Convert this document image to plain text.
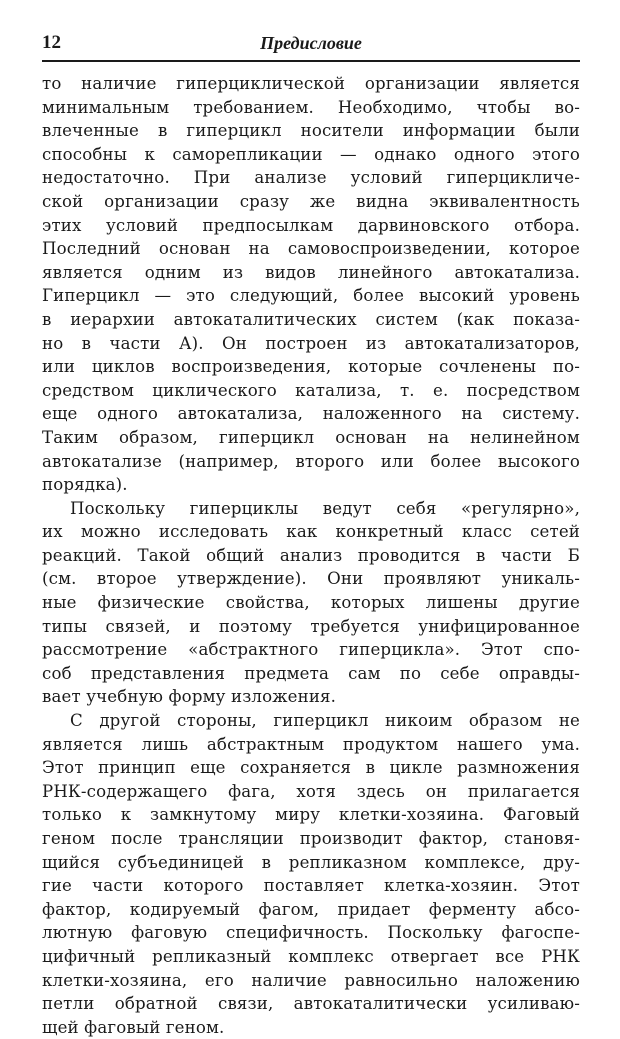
12	Предисловие

то наличие гиперциклической организации является
минимальным требованием. Необходимо, чтобы во-
влеченные в гиперцикл носители информации были
способны к саморепликации — однако одного этого
недостаточно. При анализе условий гиперцикличе-
ской организации сразу же видна эквивалентность
этих условий предпосылкам дарвиновского отбора.
Последний основан на самовоспроизведении, которое
является одним из видов линейного автокатализа.
Гиперцикл — это следующий, более высокий уровень
в иерархии автокаталитических систем (как показа-
но в части А). Он построен из автокатализаторов,
или циклов воспроизведения, которые сочленены по-
средством циклического катализа, т. е. посредством
еще одного автокатализа, наложенного на систему.
Таким образом, гиперцикл основан на нелинейном
автокатализе (например, второго или более высокого
порядка).

Поскольку гиперциклы ведут себя «регулярно»,
их можно исследовать как конкретный класс сетей
реакций. Такой общий анализ проводится в части Б
(см. второе утверждение). Они проявляют уникаль-
ные физические свойства, которых лишены другие
типы связей, и поэтому требуется унифицированное
рассмотрение «абстрактного гиперцикла». Этот спо-
соб представления предмета сам по себе оправды-
вает учебную форму изложения.

С другой стороны, гиперцикл никоим образом не
является лишь абстрактным продуктом нашего ума.
Этот принцип еще сохраняется в цикле размножения
РНК-содержащего фага, хотя здесь он прилагается
только к замкнутому миру клетки-хозяина. Фаговый
геном после трансляции производит фактор, становя-
щийся субъединицей в репликазном комплексе, дру-
гие части которого поставляет клетка-хозяин. Этот
фактор, кодируемый фагом, придает ферменту абсо-
лютную фаговую специфичность. Поскольку фагоспе-
цифичный репликазный комплекс отвергает все РНК
клетки-хозяина, его наличие равносильно наложению
петли обратной связи, автокаталитически усиливаю-
щей фаговый геном.
